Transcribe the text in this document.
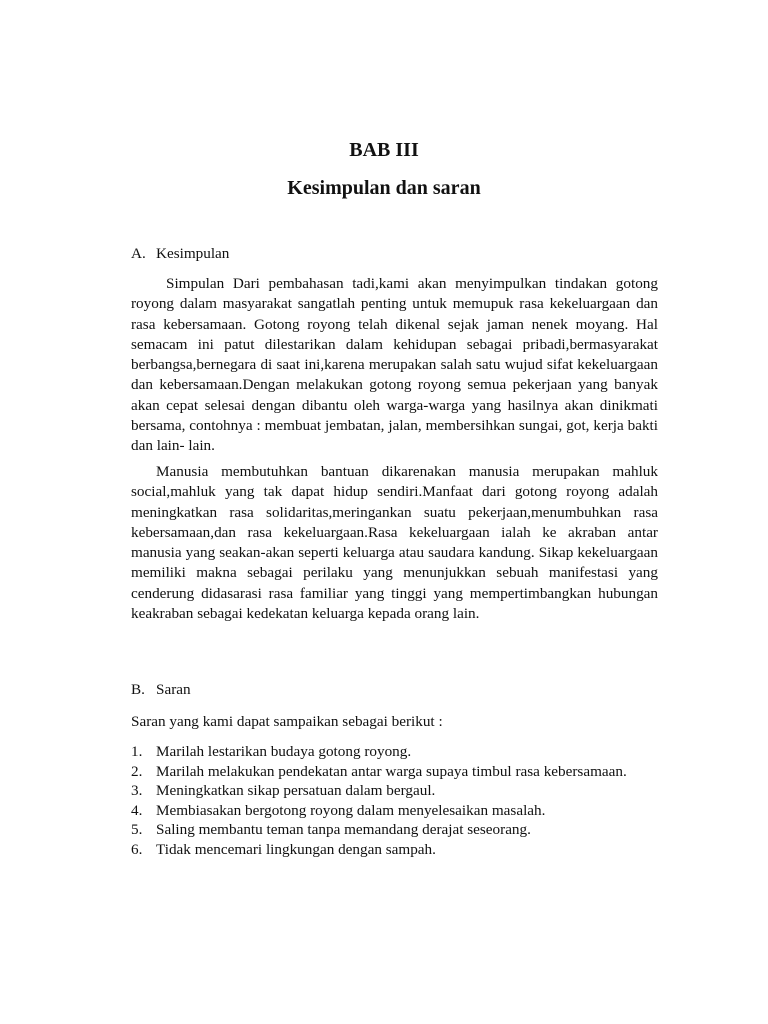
BAB III
Kesimpulan dan saran
A. Kesimpulan

Simpulan Dari pembahasan tadi,kami akan menyimpulkan tindakan gotong royong dalam masyarakat sangatlah penting untuk memupuk rasa kekeluargaan dan rasa kebersamaan. Gotong royong telah dikenal sejak jaman nenek moyang. Hal semacam ini patut dilestarikan dalam kehidupan sebagai pribadi,bermasyarakat berbangsa,bernegara di saat ini,karena merupakan salah satu wujud sifat kekeluargaan dan kebersamaan.Dengan melakukan gotong royong semua pekerjaan yang banyak akan cepat selesai dengan dibantu oleh warga-warga yang hasilnya akan dinikmati bersama, contohnya : membuat jembatan, jalan, membersihkan sungai, got, kerja bakti dan lain- lain.

Manusia membutuhkan bantuan dikarenakan manusia merupakan mahluk social,mahluk yang tak dapat hidup sendiri.Manfaat dari gotong royong adalah meningkatkan rasa solidaritas,meringankan suatu pekerjaan,menumbuhkan rasa kebersamaan,dan rasa kekeluargaan.Rasa kekeluargaan ialah ke akraban antar manusia yang seakan-akan seperti keluarga atau saudara kandung. Sikap kekeluargaan memiliki makna sebagai perilaku yang menunjukkan sebuah manifestasi yang cenderung didasarasi rasa familiar yang tinggi yang mempertimbangkan hubungan keakraban sebagai kedekatan keluarga kepada orang lain.

B. Saran
Saran yang kami dapat sampaikan sebagai berikut :
1. Marilah lestarikan budaya gotong royong.
2. Marilah melakukan pendekatan antar warga supaya timbul rasa kebersamaan.
3. Meningkatkan sikap persatuan dalam bergaul.
4. Membiasakan bergotong royong dalam menyelesaikan masalah.
5. Saling membantu teman tanpa memandang derajat seseorang.
6. Tidak mencemari lingkungan dengan sampah.
